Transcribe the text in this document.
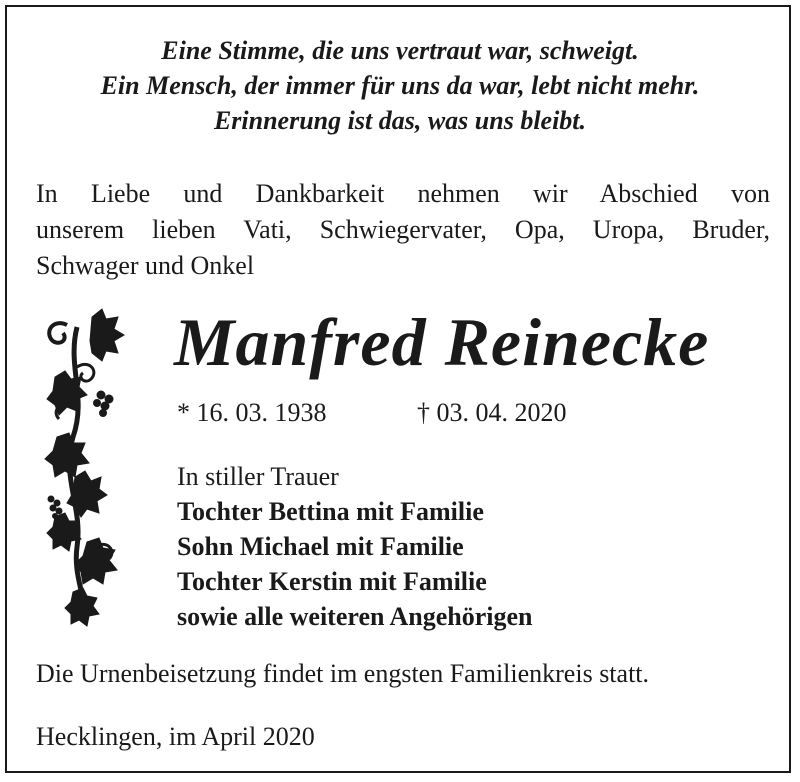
Eine Stimme, die uns vertraut war, schweigt.
Ein Mensch, der immer für uns da war, lebt nicht mehr.
Erinnerung ist das, was uns bleibt.
In Liebe und Dankbarkeit nehmen wir Abschied von
unserem lieben Vati, Schwiegervater, Opa, Uropa, Bruder,
Schwager und Onkel
Manfred Reinecke
* 16. 03. 1938	† 03. 04. 2020
In stiller Trauer
Tochter Bettina mit Familie
Sohn Michael mit Familie
Tochter Kerstin mit Familie
sowie alle weiteren Angehörigen
Die Urnenbeisetzung findet im engsten Familienkreis statt.
Hecklingen, im April 2020
